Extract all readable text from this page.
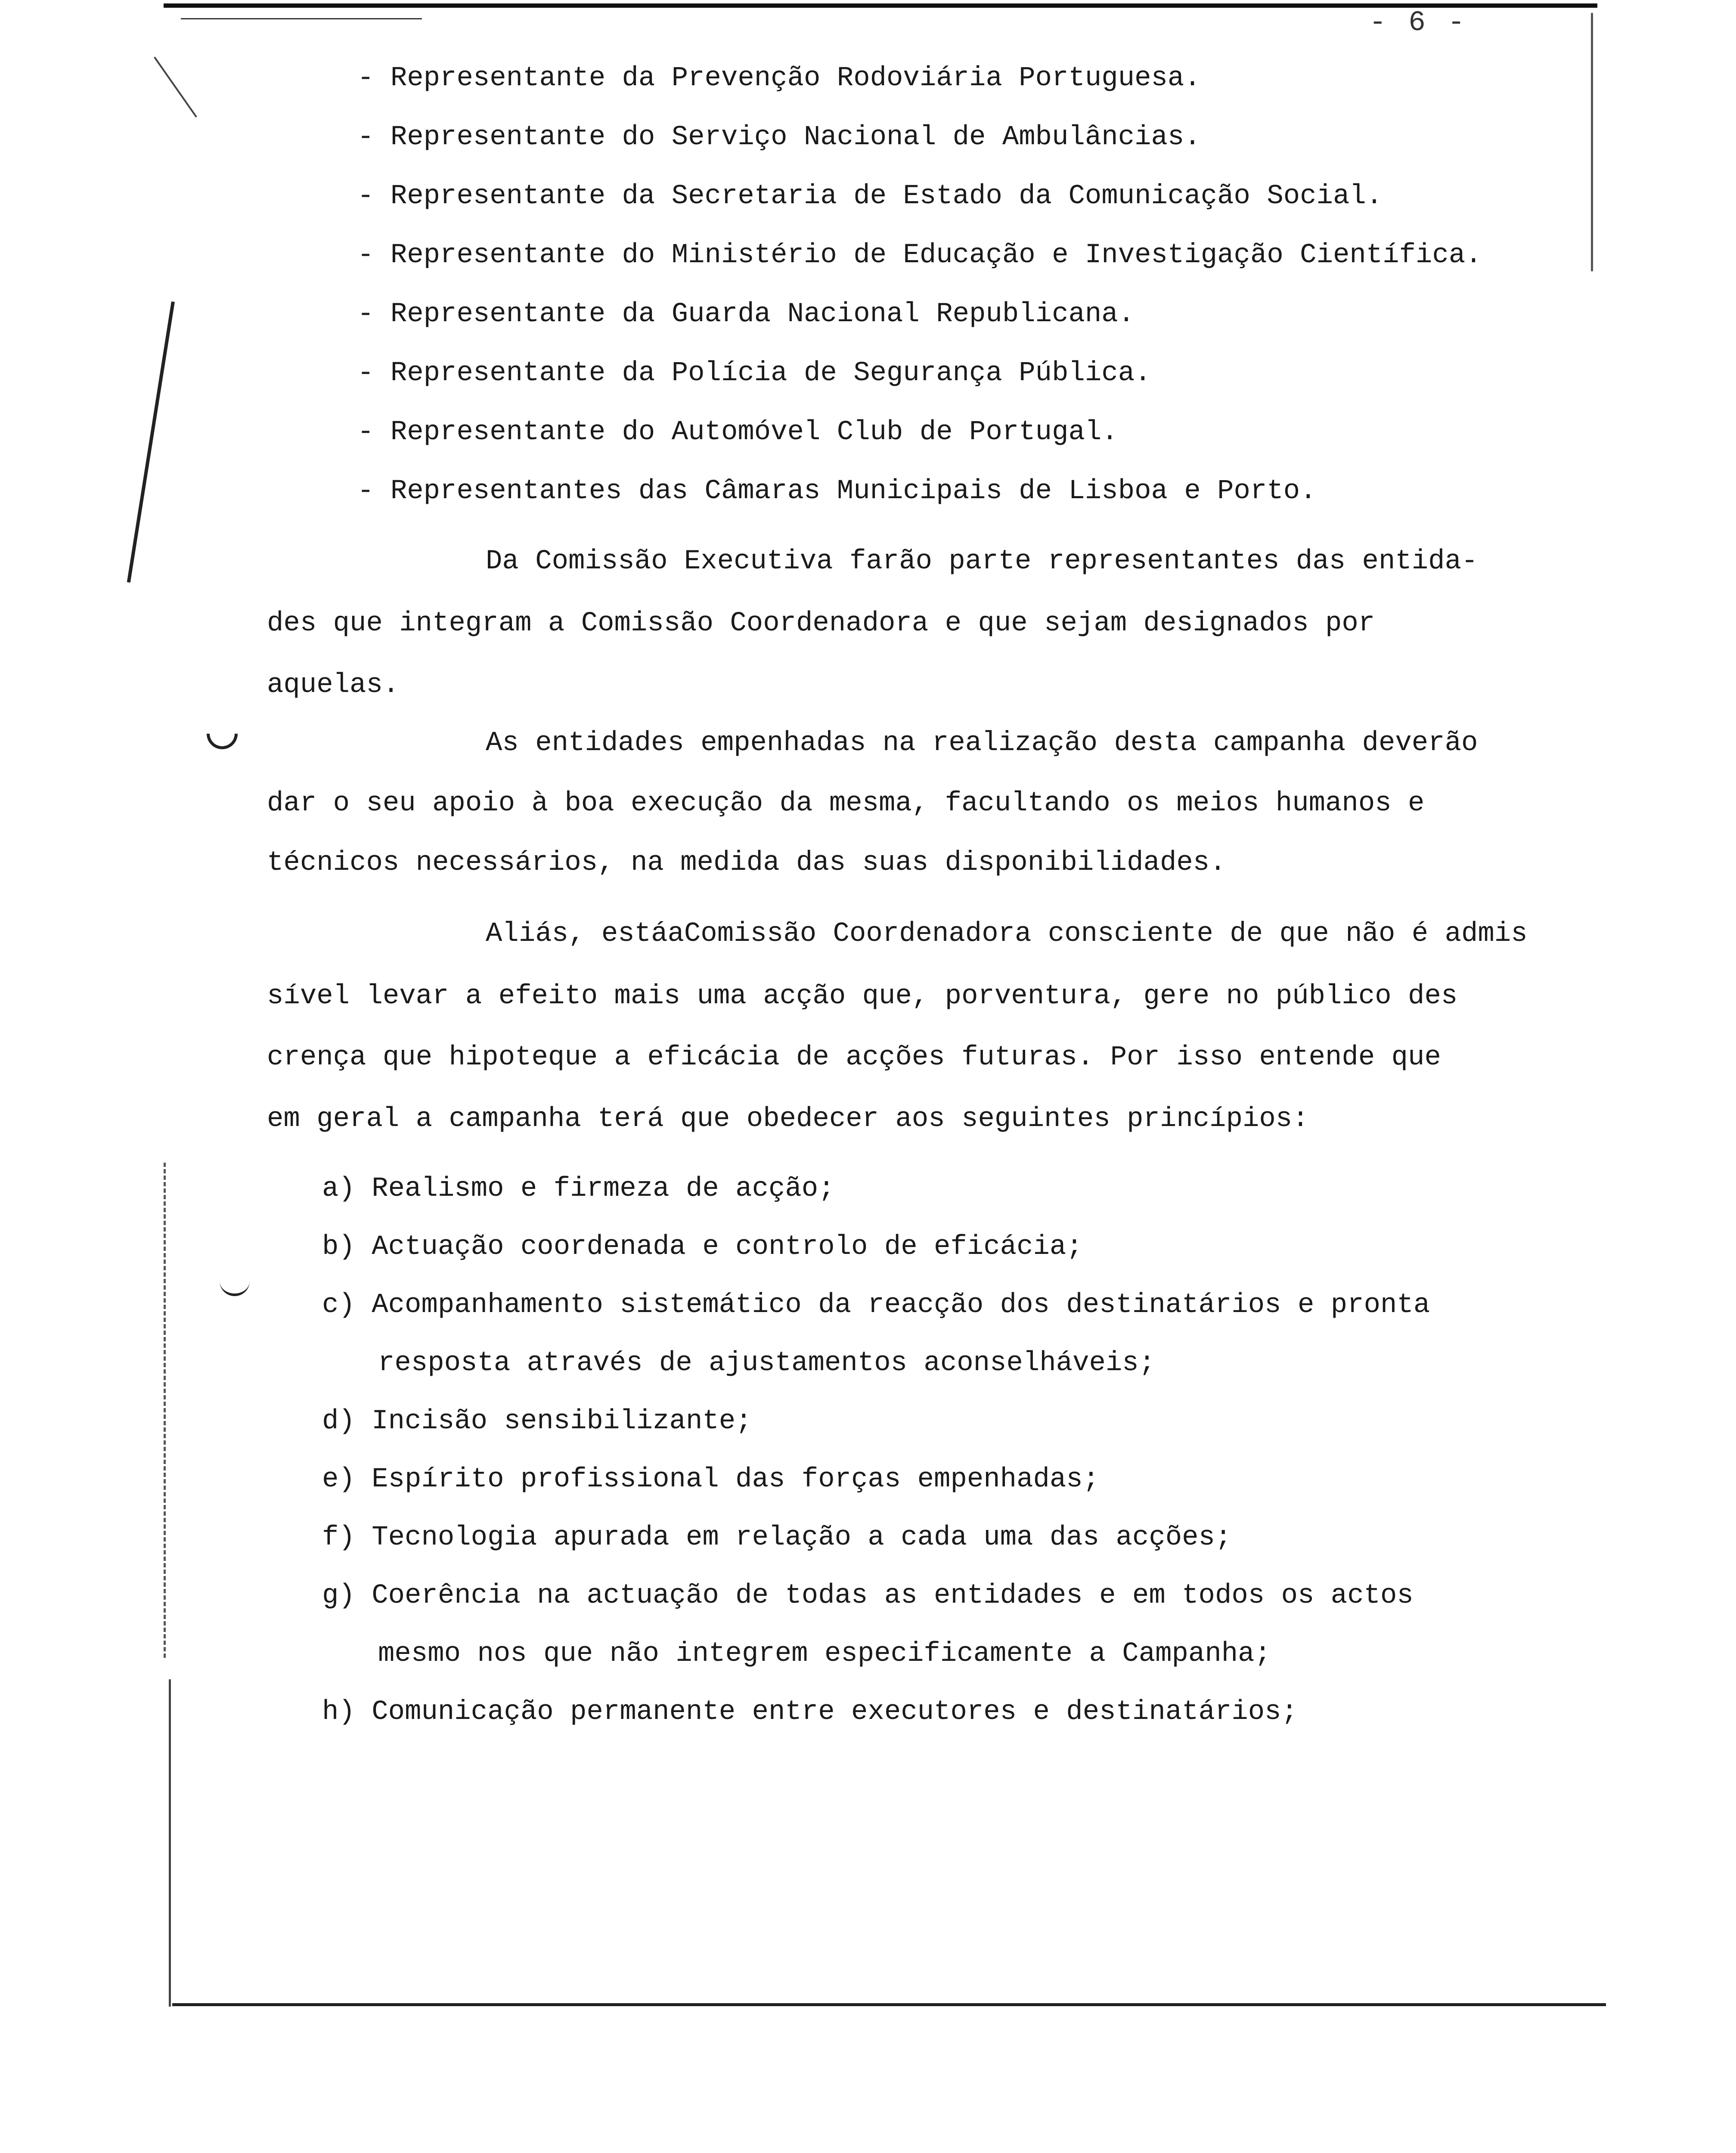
- 6 -
- Representante da Prevenção Rodoviária Portuguesa.
- Representante do Serviço Nacional de Ambulâncias.
- Representante da Secretaria de Estado da Comunicação Social.
- Representante do Ministério de Educação e Investigação Científica.
- Representante da Guarda Nacional Republicana.
- Representante da Polícia de Segurança Pública.
- Representante do Automóvel Club de Portugal.
- Representantes das Câmaras Municipais de Lisboa e Porto.
Da Comissão Executiva farão parte representantes das entida-
des que integram a Comissão Coordenadora e que sejam designados por
aquelas.
As entidades empenhadas na realização desta campanha deverão
dar o seu apoio à boa execução da mesma, facultando os meios humanos e
técnicos necessários, na medida das suas disponibilidades.
Aliás, estáaComissão Coordenadora consciente de que não é admis
sível levar a efeito mais uma acção que, porventura, gere no público des
crença que hipoteque a eficácia de acções futuras. Por isso entende que
em geral a campanha terá que obedecer aos seguintes princípios:
a) Realismo e firmeza de acção;
b) Actuação coordenada e controlo de eficácia;
c) Acompanhamento sistemático da reacção dos destinatários e pronta
resposta através de ajustamentos aconselháveis;
d) Incisão sensibilizante;
e) Espírito profissional das forças empenhadas;
f) Tecnologia apurada em relação a cada uma das acções;
g) Coerência na actuação de todas as entidades e em todos os actos
mesmo nos que não integrem especificamente a Campanha;
h) Comunicação permanente entre executores e destinatários;
